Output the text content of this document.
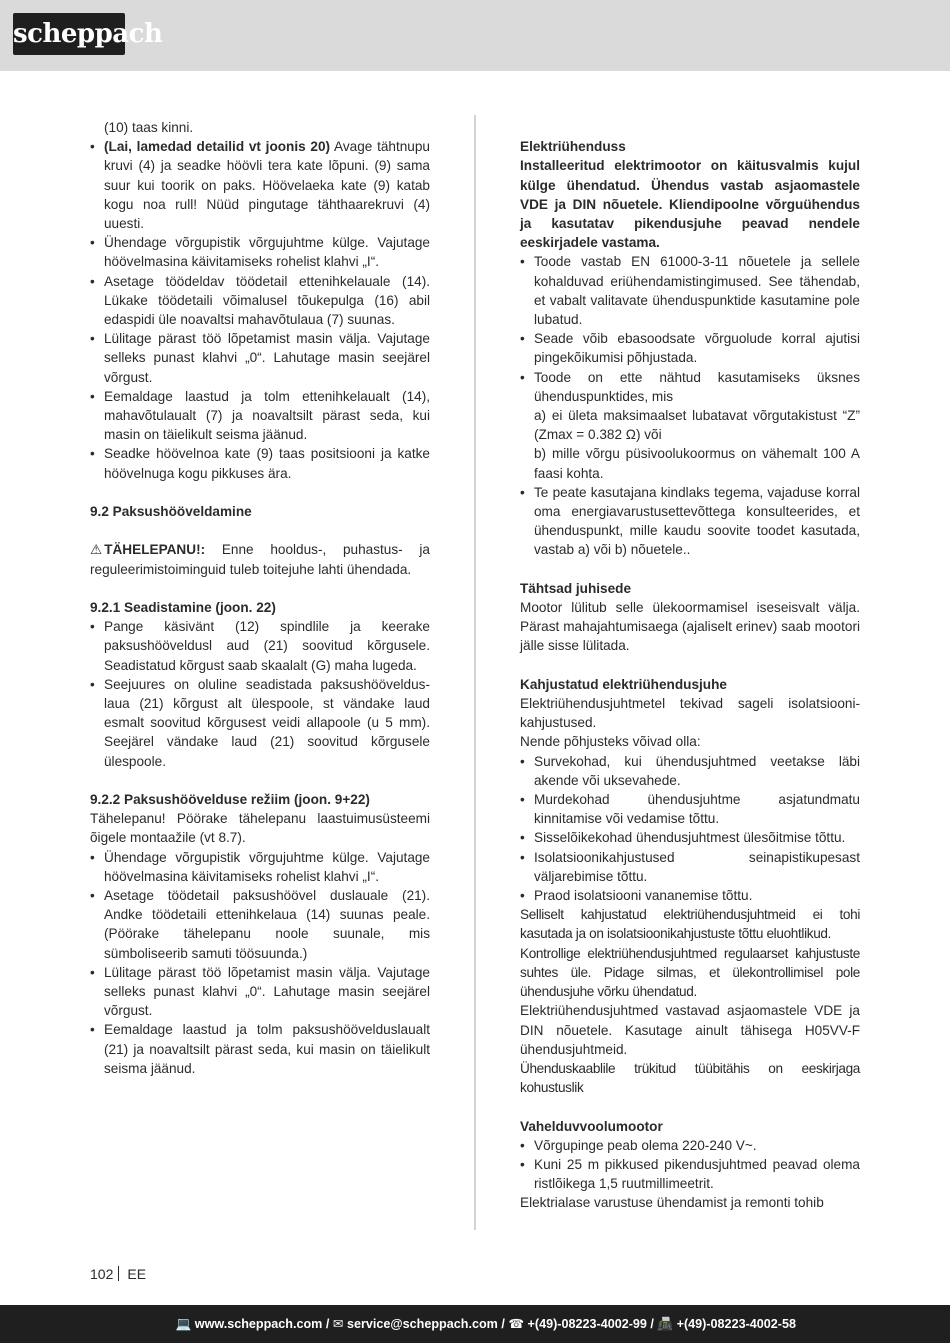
scheppach

(10) taas kinni.

• (Lai, lamedad detailid vt joonis 20) Avage tähtnupu kruvi (4) ja seadke höövli tera kate lõpuni. (9) sama suur kui toorik on paks. Höövelaeka kate (9) katab kogu noa rull! Nüüd pingutage tähthaarekruvi (4) uuesti.
• Ühendage võrgupistik võrgujuhtme külge. Vajutage höövelmasina käivitamiseks rohelist klahvi „I“.
• Asetage töödeldav töödetail ettenihkelauale (14). Lükake töödetaili võimalusel tõukepulga (16) abil edaspidi üle noavaltsi mahavõtulaua (7) suunas.
• Lülitage pärast töö lõpetamist masin välja. Vajutage selleks punast klahvi „0“. Lahutage masin seejärel võrgust.
• Eemaldage laastud ja tolm ettenihkelaualt (14), mahavõtulaualt (7) ja noavaltsilt pärast seda, kui masin on täielikult seisma jäänud.
• Seadke höövelnoa kate (9) taas positsiooni ja katke höövelnuga kogu pikkuses ära.

9.2 Paksushööveldamine

⚠ TÄHELEPANU!: Enne hooldus-, puhastus- ja reguleerimistoiminguid tuleb toitejuhe lahti ühendada.

9.2.1 Seadistamine (joon. 22)

• Pange käsivänt (12) spindlile ja keerake paksushööveldusl aud (21) soovitud kõrgusele. Seadistatud kõrgust saab skaalalt (G) maha lugeda.
• Seejuures on oluline seadistada paksushöövelduslaua (21) kõrgust alt ülespoole, st vändake laud esmalt soovitud kõrgusest veidi allapoole (u 5 mm). Seejärel vändake laud (21) soovitud kõrgusele ülespoole.

9.2.2 Paksushöövelduse režiim (joon. 9+22)

Tähelepanu! Pöörake tähelepanu laastuimusüsteemi õigele montaažile (vt 8.7).

• Ühendage võrgupistik võrgujuhtme külge. Vajutage höövelmasina käivitamiseks rohelist klahvi „I“.
• Asetage töödetail paksushöövel duslauale (21). Andke töödetaili ettenihkelaua (14) suunas peale. (Pöörake tähelepanu noole suunale, mis sümboliseerib samuti töösuunda.)
• Lülitage pärast töö lõpetamist masin välja. Vajutage selleks punast klahvi „0“. Lahutage masin seejärel võrgust.
• Eemaldage laastud ja tolm paksushöövelduslaualt (21) ja noavaltsilt pärast seda, kui masin on täielikult seisma jäänud.

Elektriühenduss

Installeeritud elektrimootor on käitusvalmis kujul külge ühendatud. Ühendus vastab asjaomastele VDE ja DIN nõuetele. Kliendipoolne võrguühendus ja kasutatav pikendusjuhe peavad nendele eeskirjadele vastama.

• Toode vastab EN 61000-3-11 nõuetele ja sellele kohalduvad eriühendamistingimused. See tähendab, et vabalt valitavate ühenduspunktide kasutamine pole lubatud.
• Seade võib ebasoodsate võrguolude korral ajutisi pingekõikumisi põhjustada.
• Toode on ette nähtud kasutamiseks üksnes ühenduspunktides, mis
a) ei ületa maksimaalset lubatavat võrgutakistust “Z” (Zmax = 0.382 Ω) või
b) mille võrgu püsivoolukoormus on vähemalt 100 A faasi kohta.
• Te peate kasutajana kindlaks tegema, vajaduse korral oma energiavarustusettevõttega konsulteerides, et ühenduspunkt, mille kaudu soovite toodet kasutada, vastab a) või b) nõuetele..

Tähtsad juhisede

Mootor lülitub selle ülekoormamisel iseseisvalt välja. Pärast mahajahtumisaega (ajaliselt erinev) saab mootori jälle sisse lülitada.

Kahjustatud elektriühendusjuhe

Elektriühendusjuhtmetel tekivad sageli isolatsioonikahjustused.

Nende põhjusteks võivad olla:

• Survekohad, kui ühendusjuhtmed veetakse läbi akende või uksevahede.
• Murdekohad ühendusjuhtme asjatundmatu kinnitamise või vedamise tõttu.
• Sisselõikekohad ühendusjuhtmest ülesõitmise tõttu.
• Isolatsioonikahjustused seinapistikupesast väljarebimise tõttu.
• Praod isolatsiooni vananemise tõttu.

Selliselt kahjustatud elektriühendusjuhtmeid ei tohi kasutada ja on isolatsioonikahjustuste tõttu eluohtlikud.

Kontrollige elektriühendusjuhtmed regulaarset kahjustuste suhtes üle. Pidage silmas, et ülekontrollimisel pole ühendusjuhe võrku ühendatud.

Elektriühendusjuhtmed vastavad asjaomastele VDE ja DIN nõuetele. Kasutage ainult tähisega H05VV-F ühendusjuhtmeid.

Ühenduskaablile trükitud tüübitähis on eeskirjaga kohustuslik

Vahelduvvoolumootor

• Võrgupinge peab olema 220-240 V~.
• Kuni 25 m pikkused pikendusjuhtmed peavad olema ristlõikega 1,5 ruutmillimeetrit.

Elektrialase varustuse ühendamist ja remonti tohib

102 EE
💻 www.scheppach.com / ✉ service@scheppach.com / ☎ +(49)-08223-4002-99 / 📠 +(49)-08223-4002-58
